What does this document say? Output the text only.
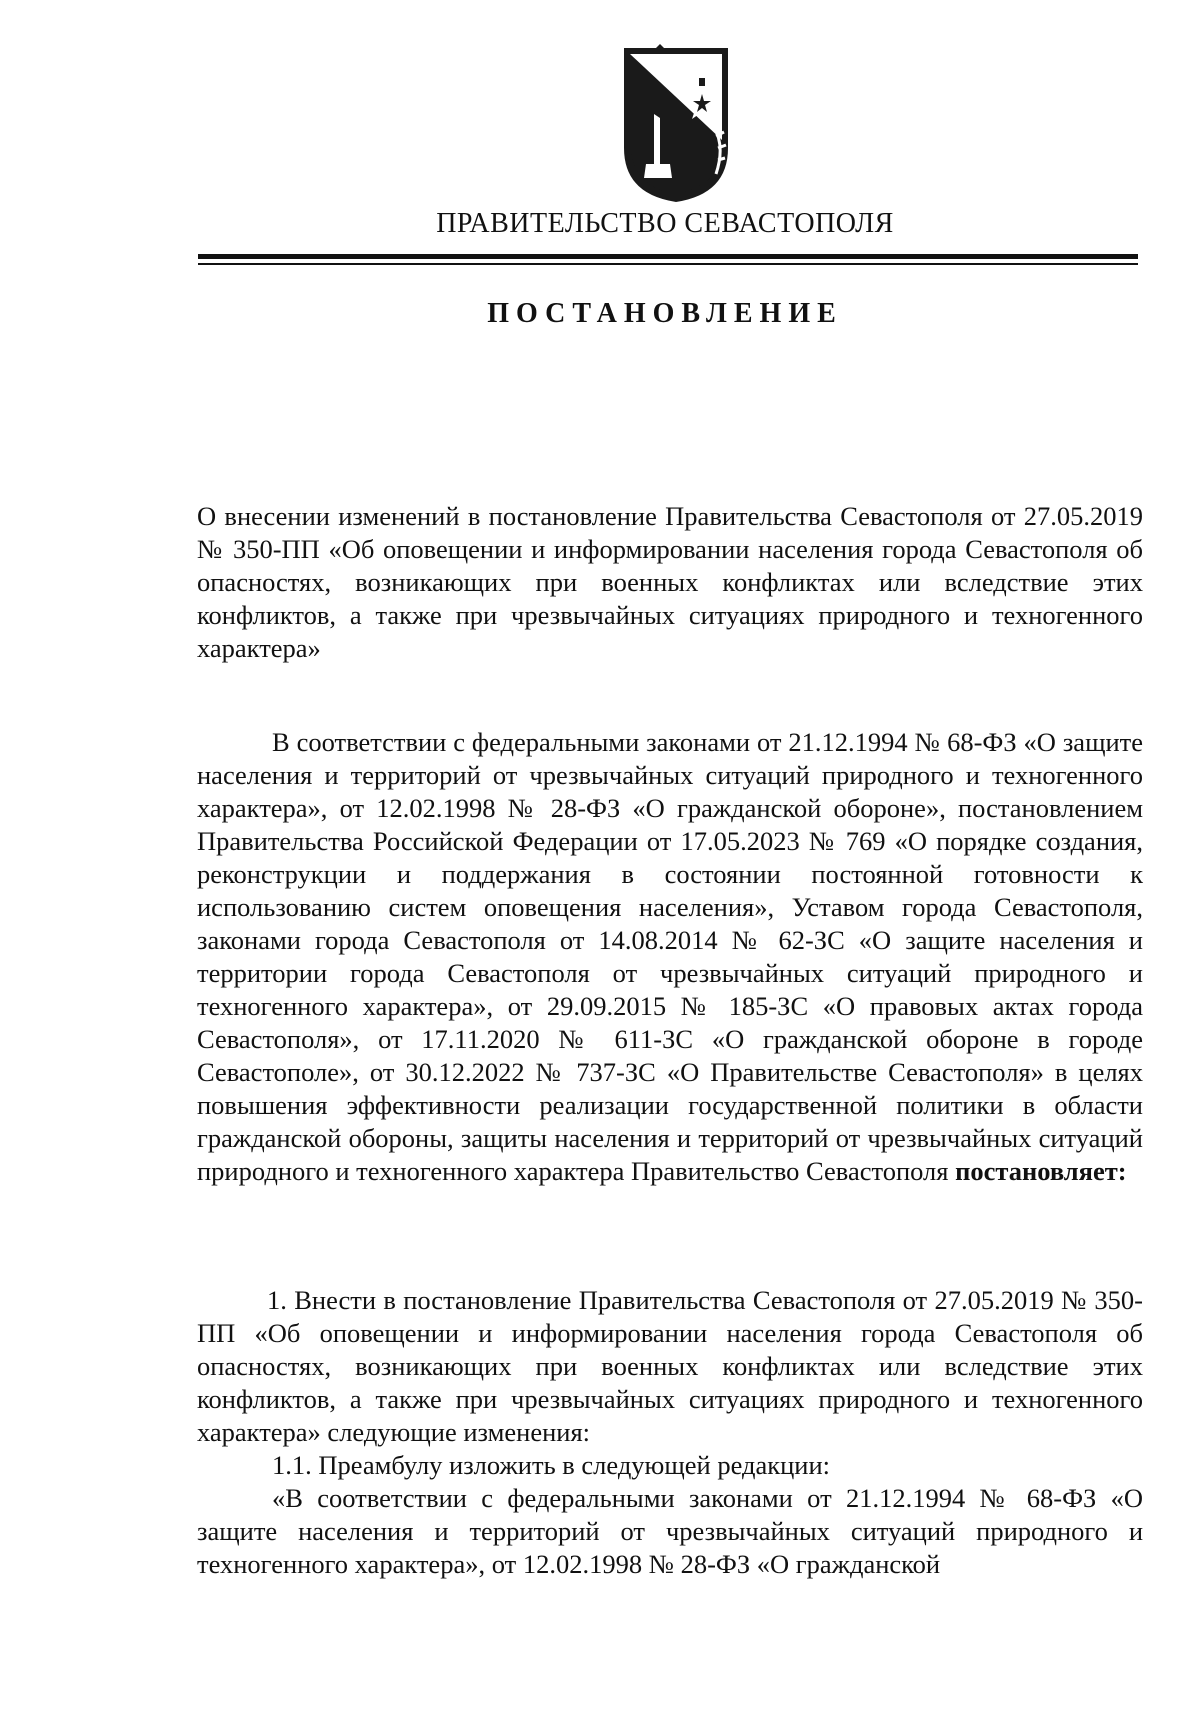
ПРАВИТЕЛЬСТВО СЕВАСТОПОЛЯ
ПОСТАНОВЛЕНИЕ
О внесении изменений в постановление Правительства Севастополя от 27.05.2019 № 350-ПП «Об оповещении и информировании населения города Севастополя об опасностях, возникающих при военных конфликтах или вследствие этих конфликтов, а также при чрезвычайных ситуациях природного и техногенного характера»
В соответствии с федеральными законами от 21.12.1994 № 68-ФЗ «О защите населения и территорий от чрезвычайных ситуаций природного и техногенного характера», от 12.02.1998 № 28-ФЗ «О гражданской обороне», постановлением Правительства Российской Федерации от 17.05.2023 № 769 «О порядке создания, реконструкции и поддержания в состоянии постоянной готовности к использованию систем оповещения населения», Уставом города Севастополя, законами города Севастополя от 14.08.2014 № 62-ЗС «О защите населения и территории города Севастополя от чрезвычайных ситуаций природного и техногенного характера», от 29.09.2015 № 185-ЗС «О правовых актах города Севастополя», от 17.11.2020 № 611-ЗС «О гражданской обороне в городе Севастополе», от 30.12.2022 № 737-ЗС «О Правительстве Севастополя» в целях повышения эффективности реализации государственной политики в области гражданской обороны, защиты населения и территорий от чрезвычайных ситуаций природного и техногенного характера Правительство Севастополя постановляет:

1. Внести в постановление Правительства Севастополя от 27.05.2019 № 350-ПП «Об оповещении и информировании населения города Севастополя об опасностях, возникающих при военных конфликтах или вследствие этих конфликтов, а также при чрезвычайных ситуациях природного и техногенного характера» следующие изменения:

1.1. Преамбулу изложить в следующей редакции:

«В соответствии с федеральными законами от 21.12.1994 № 68-ФЗ «О защите населения и территорий от чрезвычайных ситуаций природного и техногенного характера», от 12.02.1998 № 28-ФЗ «О гражданской
